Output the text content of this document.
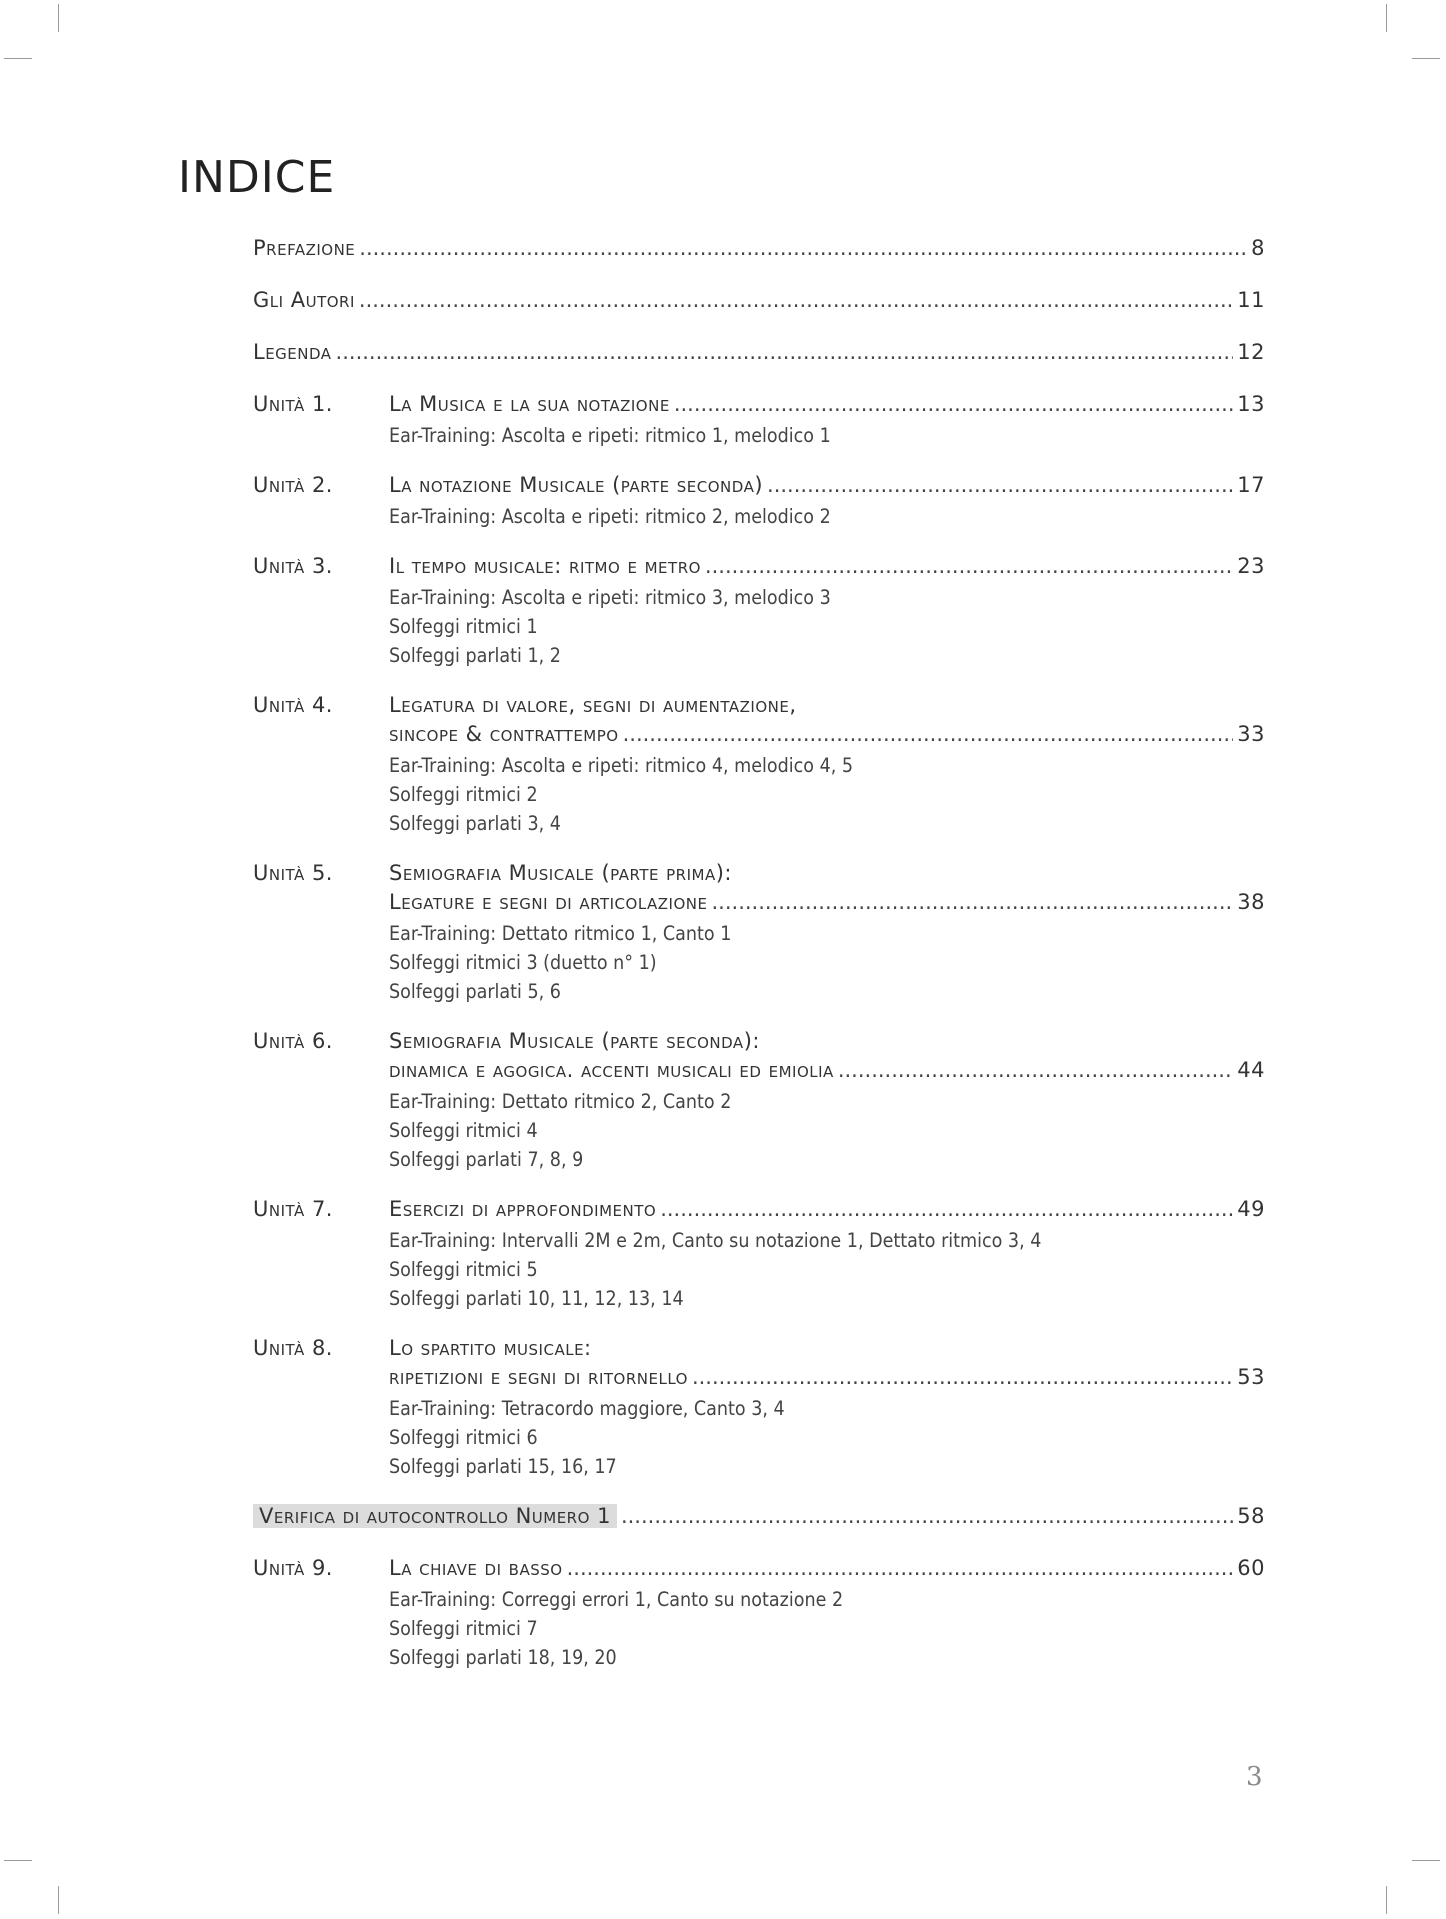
INDICE
Prefazione .....	8
Gli Autori .....	11
Legenda .....	12
Unità 1.	La Musica e la sua notazione .....	13
Ear-Training: Ascolta e ripeti: ritmico 1, melodico 1
Unità 2.	La notazione Musicale (parte seconda) .....	17
Ear-Training: Ascolta e ripeti: ritmico 2, melodico 2
Unità 3.	Il tempo musicale: ritmo e metro .....	23
Ear-Training: Ascolta e ripeti: ritmico 3, melodico 3
Solfeggi ritmici 1
Solfeggi parlati 1, 2
Unità 4.	Legatura di valore, segni di aumentazione,
sincope & contrattempo .....	33
Ear-Training: Ascolta e ripeti: ritmico 4, melodico 4, 5
Solfeggi ritmici 2
Solfeggi parlati 3, 4
Unità 5.	Semiografia Musicale (parte prima):
Legature e segni di articolazione .....	38
Ear-Training: Dettato ritmico 1, Canto 1
Solfeggi ritmici 3 (duetto n° 1)
Solfeggi parlati 5, 6
Unità 6.	Semiografia Musicale (parte seconda):
dinamica e agogica. accenti musicali ed emiolia .....	44
Ear-Training: Dettato ritmico 2, Canto 2
Solfeggi ritmici 4
Solfeggi parlati 7, 8, 9
Unità 7.	Esercizi di approfondimento .....	49
Ear-Training: Intervalli 2M e 2m, Canto su notazione 1, Dettato ritmico 3, 4
Solfeggi ritmici 5
Solfeggi parlati 10, 11, 12, 13, 14
Unità 8.	Lo spartito musicale:
ripetizioni e segni di ritornello .....	53
Ear-Training: Tetracordo maggiore, Canto 3, 4
Solfeggi ritmici 6
Solfeggi parlati 15, 16, 17
Verifica di autocontrollo Numero 1 .....	58
Unità 9.	La chiave di basso .....	60
Ear-Training: Correggi errori 1, Canto su notazione 2
Solfeggi ritmici 7
Solfeggi parlati 18, 19, 20
3
